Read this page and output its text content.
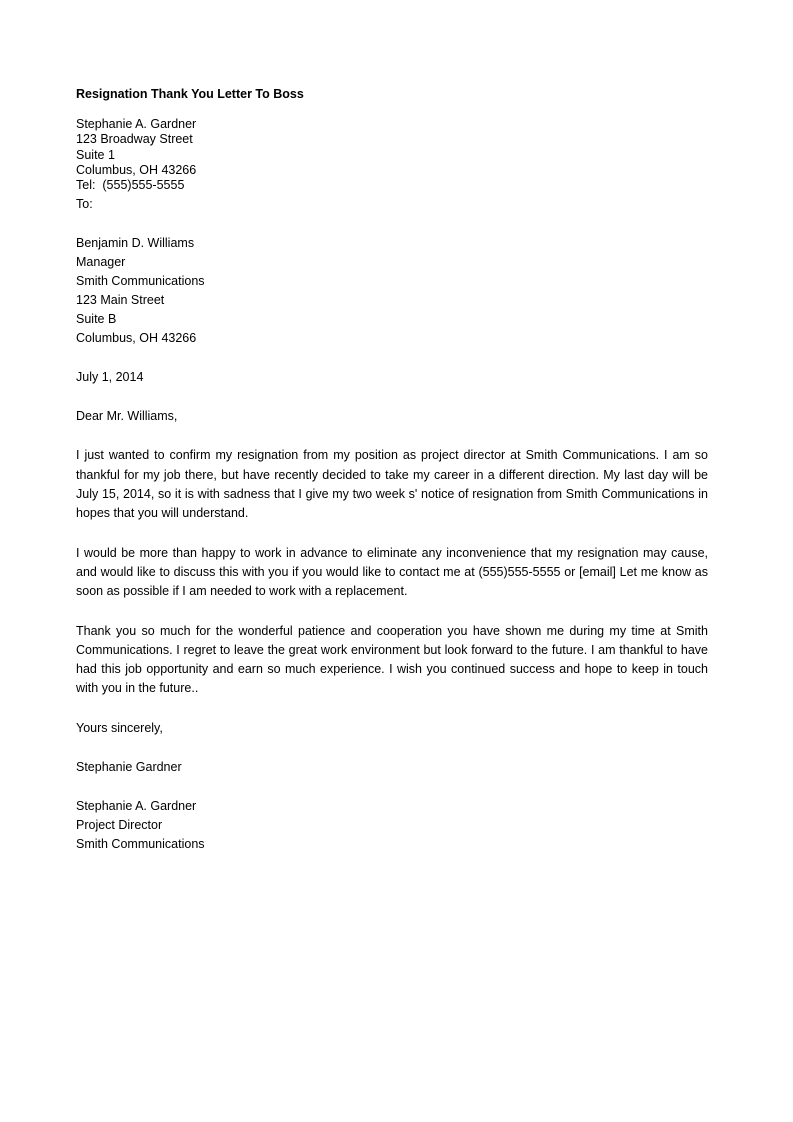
Resignation Thank You Letter To Boss
Stephanie A. Gardner
123 Broadway Street
Suite 1
Columbus, OH 43266
Tel:  (555)555-5555
To:
Benjamin D. Williams
Manager
Smith Communications
123 Main Street
Suite B
Columbus, OH 43266
July 1, 2014
Dear Mr. Williams,
I just wanted to confirm my resignation from my position as project director at Smith Communications. I am so thankful for my job there, but have recently decided to take my career in a different direction. My last day will be July 15, 2014, so it is with sadness that I give my two week s' notice of resignation from Smith Communications in hopes that you will understand.
I would be more than happy to work in advance to eliminate any inconvenience that my resignation may cause, and would like to discuss this with you if you would like to contact me at (555)555-5555 or [email] Let me know as soon as possible if I am needed to work with a replacement.
Thank you so much for the wonderful patience and cooperation you have shown me during my time at Smith Communications. I regret to leave the great work environment but look forward to the future. I am thankful to have had this job opportunity and earn so much experience. I wish you continued success and hope to keep in touch with you in the future..
Yours sincerely,
Stephanie Gardner
Stephanie A. Gardner
Project Director
Smith Communications
